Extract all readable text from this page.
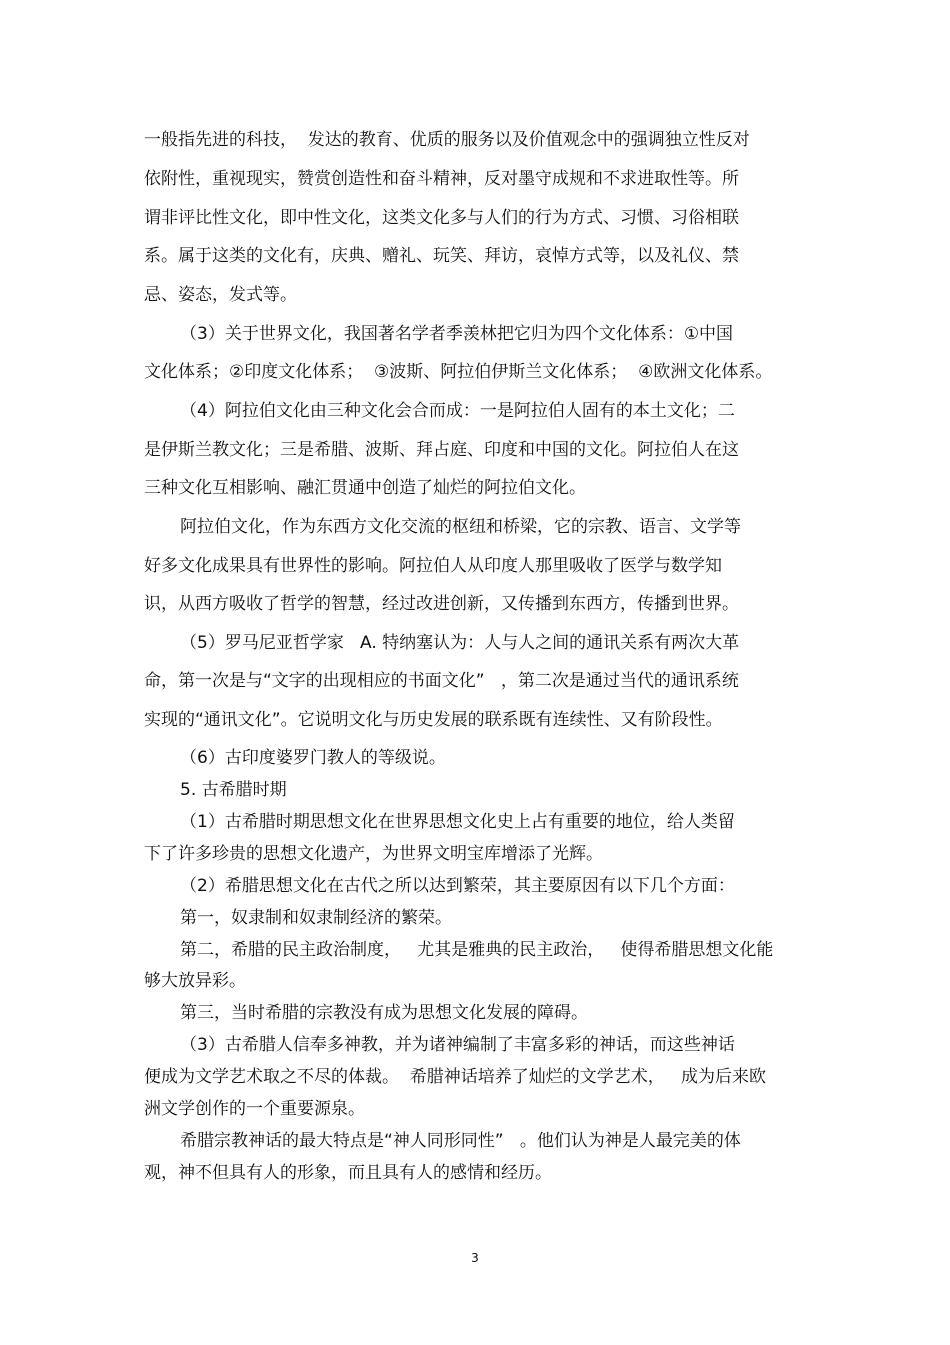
一般指先进的科技，  发达的教育、优质的服务以及价值观念中的强调独立性反对
依附性，重视现实，赞赏创造性和奋斗精神，反对墨守成规和不求进取性等。所
谓非评比性文化，即中性文化，这类文化多与人们的行为方式、习惯、习俗相联
系。属于这类的文化有，庆典、赠礼、玩笑、拜访，哀悼方式等，以及礼仪、禁
忌、姿态，发式等。
（3）关于世界文化，我国著名学者季羡林把它归为四个文化体系：①中国
文化体系；②印度文化体系；  ③波斯、阿拉伯伊斯兰文化体系；  ④欧洲文化体系。
（4）阿拉伯文化由三种文化会合而成：一是阿拉伯人固有的本土文化；二
是伊斯兰教文化；三是希腊、波斯、拜占庭、印度和中国的文化。阿拉伯人在这
三种文化互相影响、融汇贯通中创造了灿烂的阿拉伯文化。
阿拉伯文化，作为东西方文化交流的枢纽和桥梁，它的宗教、语言、文学等
好多文化成果具有世界性的影响。阿拉伯人从印度人那里吸收了医学与数学知
识，从西方吸收了哲学的智慧，经过改进创新，又传播到东西方，传播到世界。
（5）罗马尼亚哲学家   A. 特纳塞认为：人与人之间的通讯关系有两次大革
命，第一次是与“文字的出现相应的书面文化”   ，第二次是通过当代的通讯系统
实现的“通讯文化”。它说明文化与历史发展的联系既有连续性、又有阶段性。
（6）古印度婆罗门教人的等级说。
5. 古希腊时期
（1）古希腊时期思想文化在世界思想文化史上占有重要的地位，给人类留
下了许多珍贵的思想文化遗产，为世界文明宝库增添了光辉。
（2）希腊思想文化在古代之所以达到繁荣，其主要原因有以下几个方面：
第一，奴隶制和奴隶制经济的繁荣。
第二，希腊的民主政治制度，   尤其是雅典的民主政治，   使得希腊思想文化能
够大放异彩。
第三，当时希腊的宗教没有成为思想文化发展的障碍。
（3）古希腊人信奉多神教，并为诸神编制了丰富多彩的神话，而这些神话
便成为文学艺术取之不尽的体裁。  希腊神话培养了灿烂的文学艺术，   成为后来欧
洲文学创作的一个重要源泉。
希腊宗教神话的最大特点是“神人同形同性”   。他们认为神是人最完美的体
观，神不但具有人的形象，而且具有人的感情和经历。
3
